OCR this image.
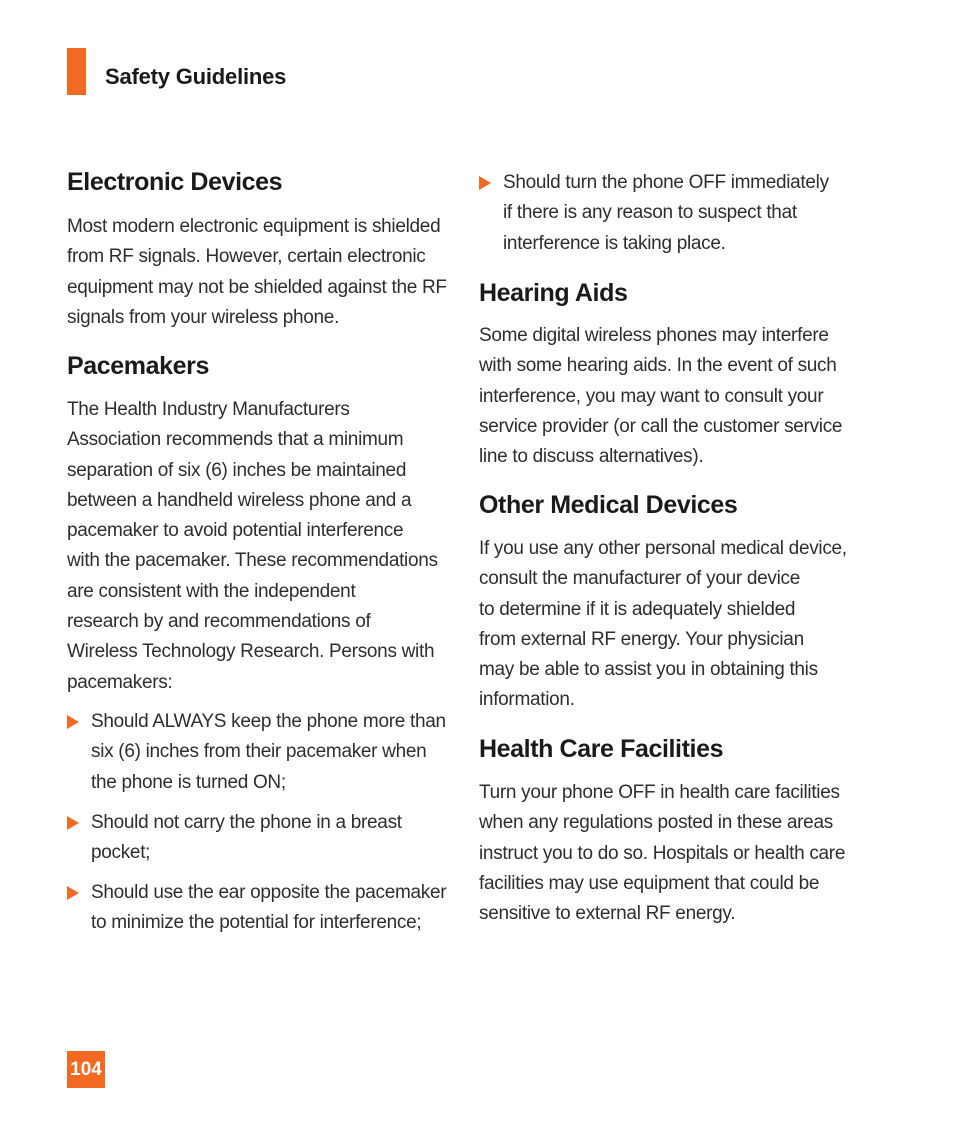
Safety Guidelines
Electronic Devices

Most modern electronic equipment is shielded
from RF signals. However, certain electronic
equipment may not be shielded against the RF
signals from your wireless phone.

Pacemakers

The Health Industry Manufacturers
Association recommends that a minimum
separation of six (6) inches be maintained
between a handheld wireless phone and a
pacemaker to avoid potential interference
with the pacemaker. These recommendations
are consistent with the independent
research by and recommendations of
Wireless Technology Research. Persons with
pacemakers:

Should ALWAYS keep the phone more than
six (6) inches from their pacemaker when
the phone is turned ON;
Should not carry the phone in a breast
pocket;
Should use the ear opposite the pacemaker
to minimize the potential for interference;
Should turn the phone OFF immediately
if there is any reason to suspect that
interference is taking place.
Hearing Aids

Some digital wireless phones may interfere
with some hearing aids. In the event of such
interference, you may want to consult your
service provider (or call the customer service
line to discuss alternatives).

Other Medical Devices

If you use any other personal medical device,
consult the manufacturer of your device
to determine if it is adequately shielded
from external RF energy. Your physician
may be able to assist you in obtaining this
information.

Health Care Facilities

Turn your phone OFF in health care facilities
when any regulations posted in these areas
instruct you to do so. Hospitals or health care
facilities may use equipment that could be
sensitive to external RF energy.

104
